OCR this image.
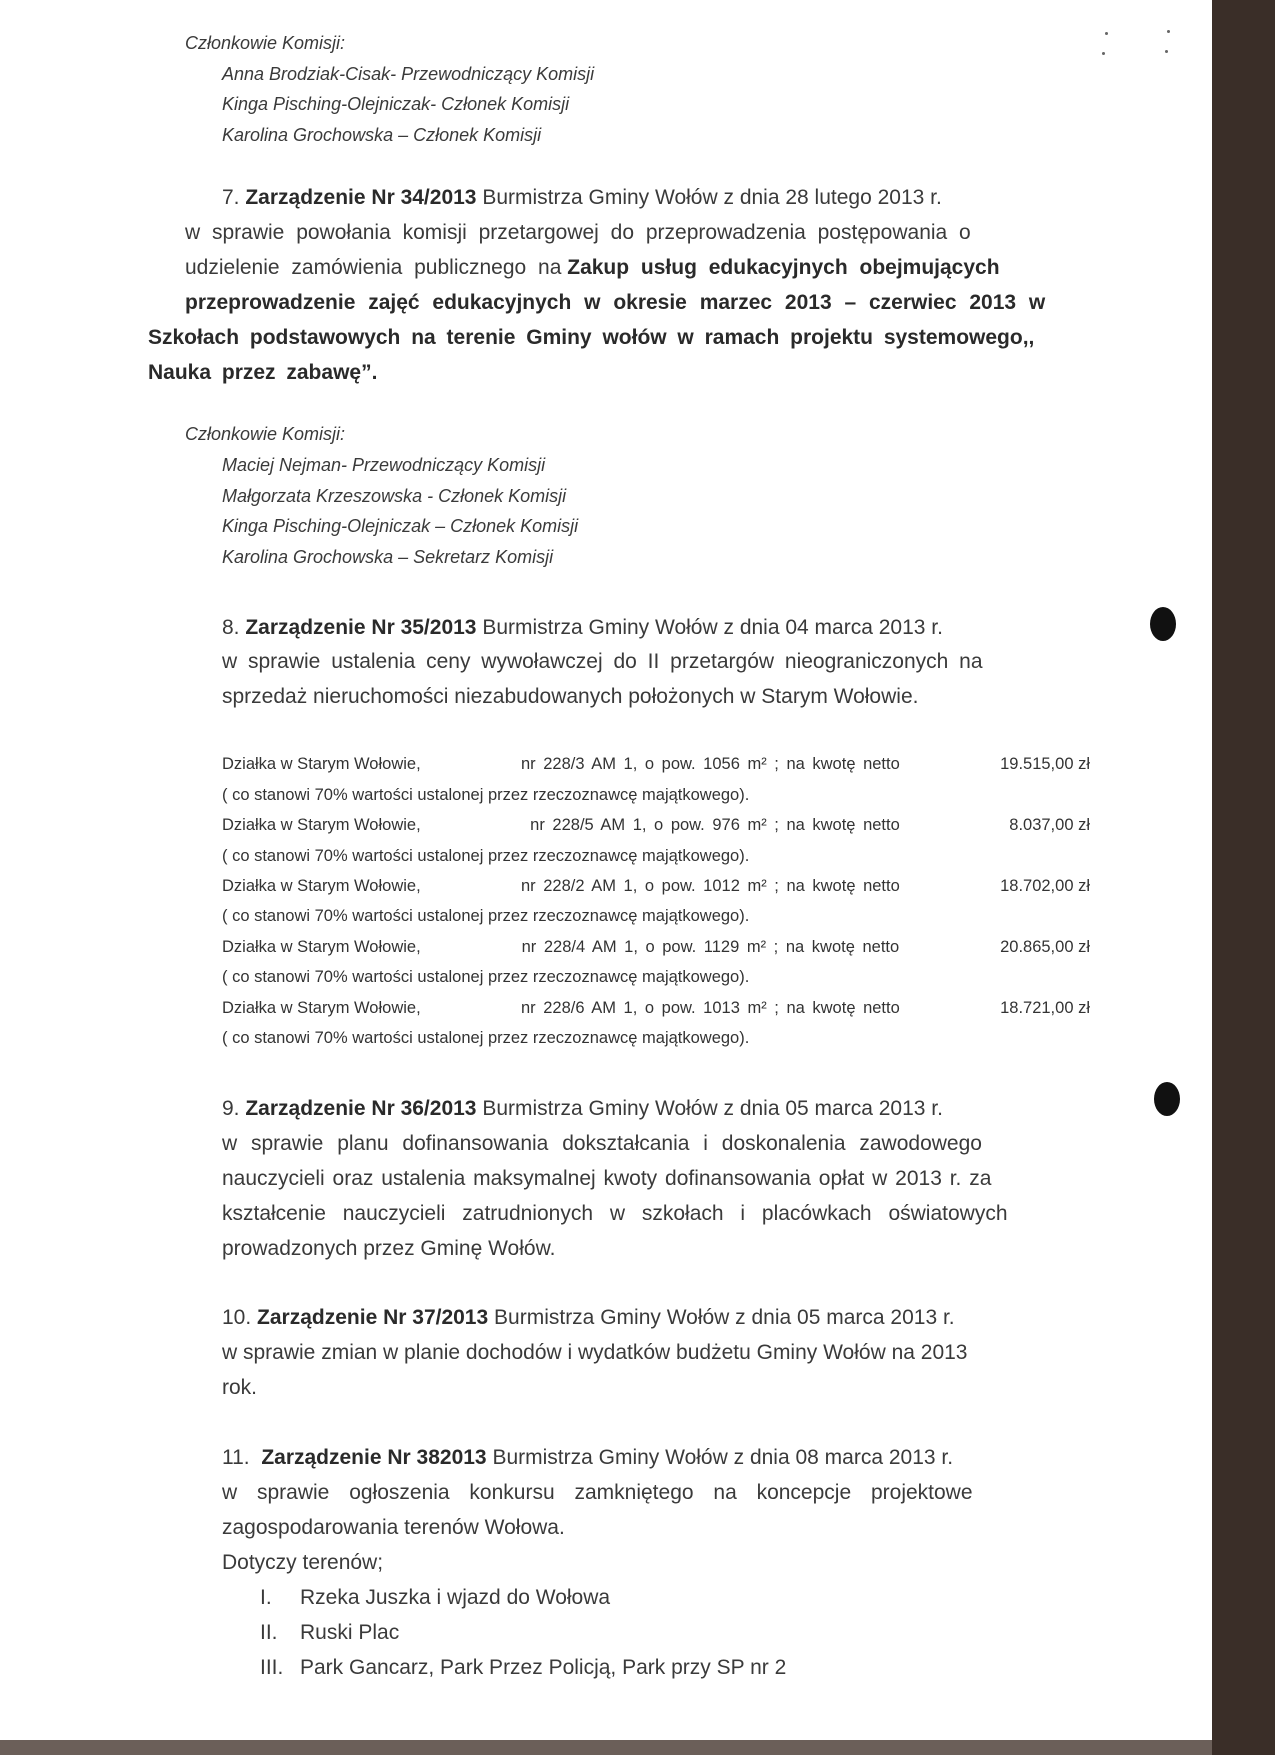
Członkowie Komisji:

Anna Brodziak-Cisak- Przewodniczący Komisji

Kinga Pisching-Olejniczak- Członek Komisji

Karolina Grochowska – Członek Komisji

7. Zarządzenie Nr 34/2013 Burmistrza Gminy Wołów z dnia 28 lutego 2013 r.

w sprawie powołania komisji przetargowej do przeprowadzenia postępowania o

udzielenie zamówienia publicznego na Zakup usług edukacyjnych obejmujących

przeprowadzenie zajęć edukacyjnych w okresie marzec 2013 – czerwiec 2013 w

Szkołach podstawowych na terenie Gminy wołów w ramach projektu systemowego,,

Nauka przez zabawę”.

Członkowie Komisji:

Maciej Nejman- Przewodniczący Komisji

Małgorzata Krzeszowska - Członek Komisji

Kinga Pisching-Olejniczak – Członek Komisji

Karolina Grochowska – Sekretarz Komisji

8. Zarządzenie Nr 35/2013 Burmistrza Gminy Wołów z dnia 04 marca 2013 r.

w sprawie ustalenia ceny wywoławczej do II przetargów nieograniczonych na

sprzedaż nieruchomości niezabudowanych położonych w Starym Wołowie.

Działka w Starym Wołowie,	nr 228/3 AM 1, o pow. 1056 m² ; na kwotę netto	19.515,00 zł

( co stanowi 70% wartości ustalonej przez rzeczoznawcę majątkowego).

Działka w Starym Wołowie,	nr 228/5 AM 1, o pow. 976 m² ; na kwotę netto	8.037,00 zł

( co stanowi 70% wartości ustalonej przez rzeczoznawcę majątkowego).

Działka w Starym Wołowie,	nr 228/2 AM 1, o pow. 1012 m² ; na kwotę netto	18.702,00 zł

( co stanowi 70% wartości ustalonej przez rzeczoznawcę majątkowego).

Działka w Starym Wołowie,	nr 228/4 AM 1, o pow. 1129 m² ; na kwotę netto	20.865,00 zł

( co stanowi 70% wartości ustalonej przez rzeczoznawcę majątkowego).

Działka w Starym Wołowie,	nr 228/6 AM 1, o pow. 1013 m² ; na kwotę netto	18.721,00 zł

( co stanowi 70% wartości ustalonej przez rzeczoznawcę majątkowego).

9. Zarządzenie Nr 36/2013 Burmistrza Gminy Wołów z dnia 05 marca 2013 r.

w sprawie planu dofinansowania dokształcania i doskonalenia zawodowego

nauczycieli oraz ustalenia maksymalnej kwoty dofinansowania opłat w 2013 r. za

kształcenie nauczycieli zatrudnionych w szkołach i placówkach oświatowych

prowadzonych przez Gminę Wołów.

10. Zarządzenie Nr 37/2013 Burmistrza Gminy Wołów z dnia 05 marca 2013 r.

w sprawie zmian w planie dochodów i wydatków budżetu Gminy Wołów na 2013

rok.

11. Zarządzenie Nr 382013 Burmistrza Gminy Wołów z dnia 08 marca 2013 r.

w sprawie ogłoszenia konkursu zamkniętego na koncepcje projektowe

zagospodarowania terenów Wołowa.

Dotyczy terenów;

I. Rzeka Juszka i wjazd do Wołowa

II. Ruski Plac

III. Park Gancarz, Park Przez Policją, Park przy SP nr 2
